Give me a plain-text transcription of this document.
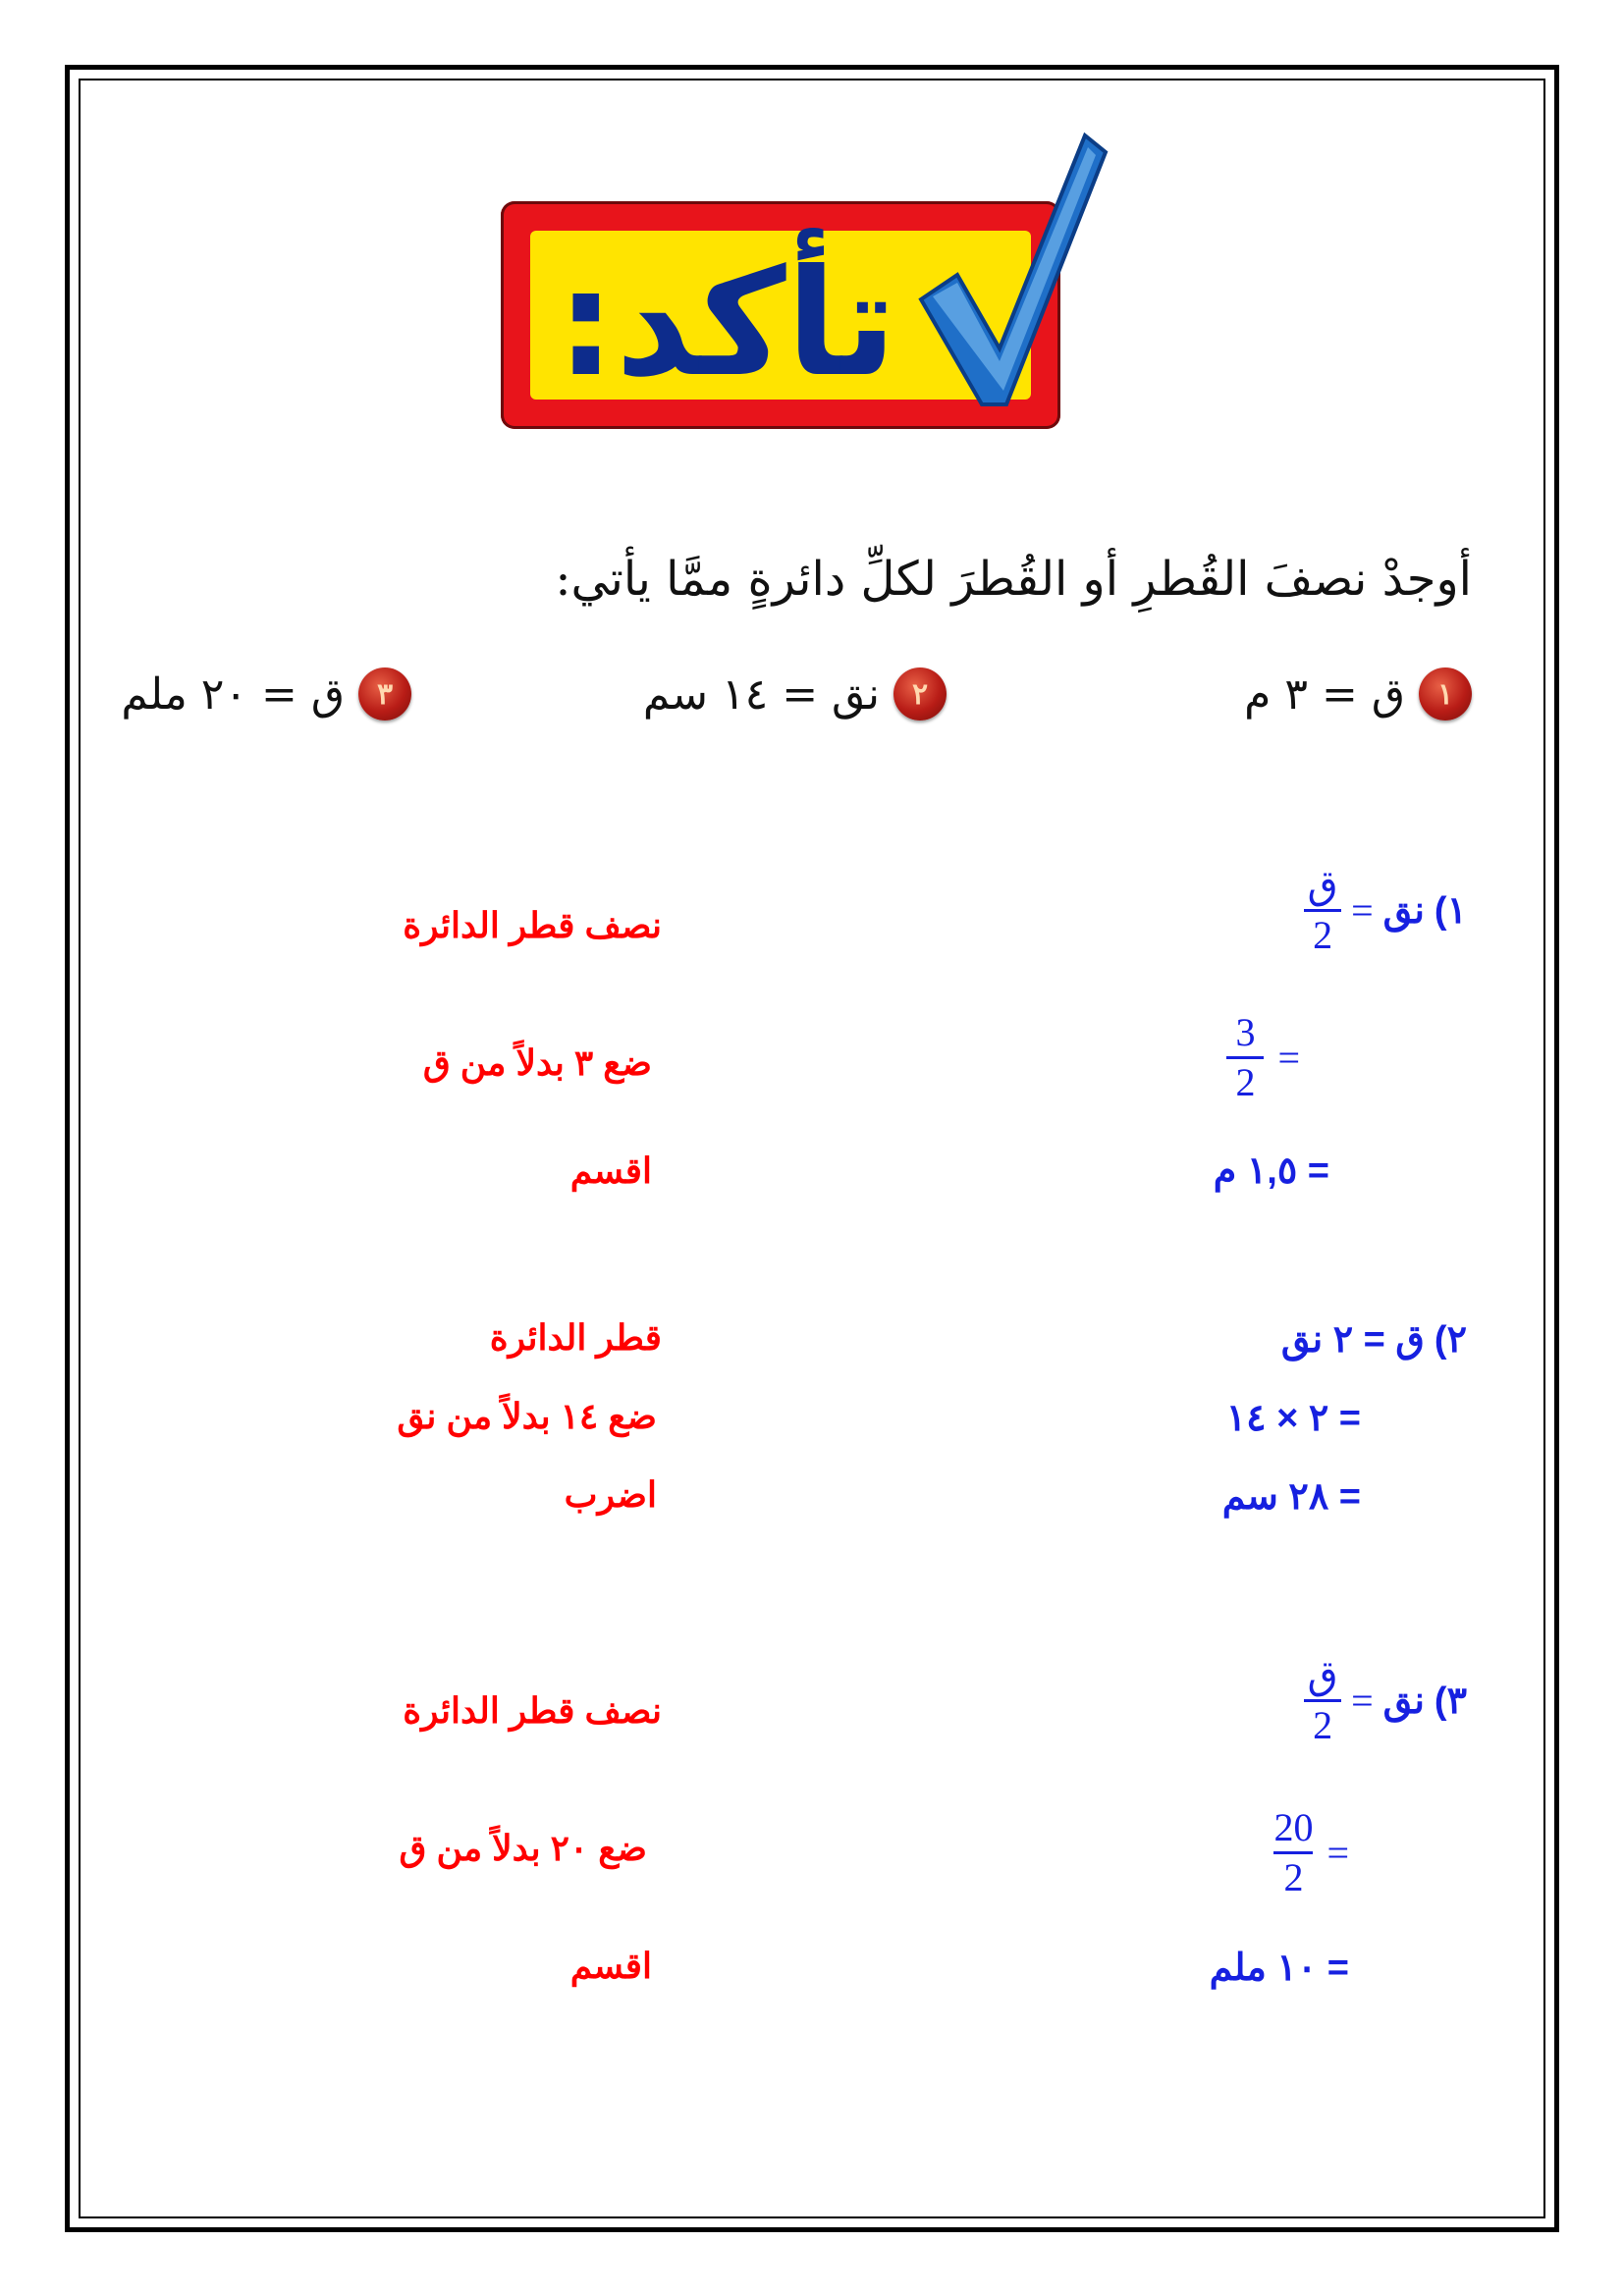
تأكد:
أوجدْ نصفَ القُطرِ أو القُطرَ لكلِّ دائرةٍ ممَّا يأتي:
١
ق = ٣ م
٢
نق = ١٤ سم
٣
ق = ٢٠ ملم
١)
نق
=
$\frac{\text{ق}}{2}$
=
$\frac{3}{2}$
= ١,٥ م
نصف قطر الدائرة
ضع ٣ بدلاً من ق
اقسم
٢)
ق = ٢ نق
= ٢ × ١٤
= ٢٨ سم
قطر الدائرة
ضع ١٤ بدلاً من نق
اضرب
٣)
نق
=
$\frac{\text{ق}}{2}$
=
$\frac{20}{2}$
= ١٠ ملم
نصف قطر الدائرة
ضع ٢٠ بدلاً من ق
اقسم
